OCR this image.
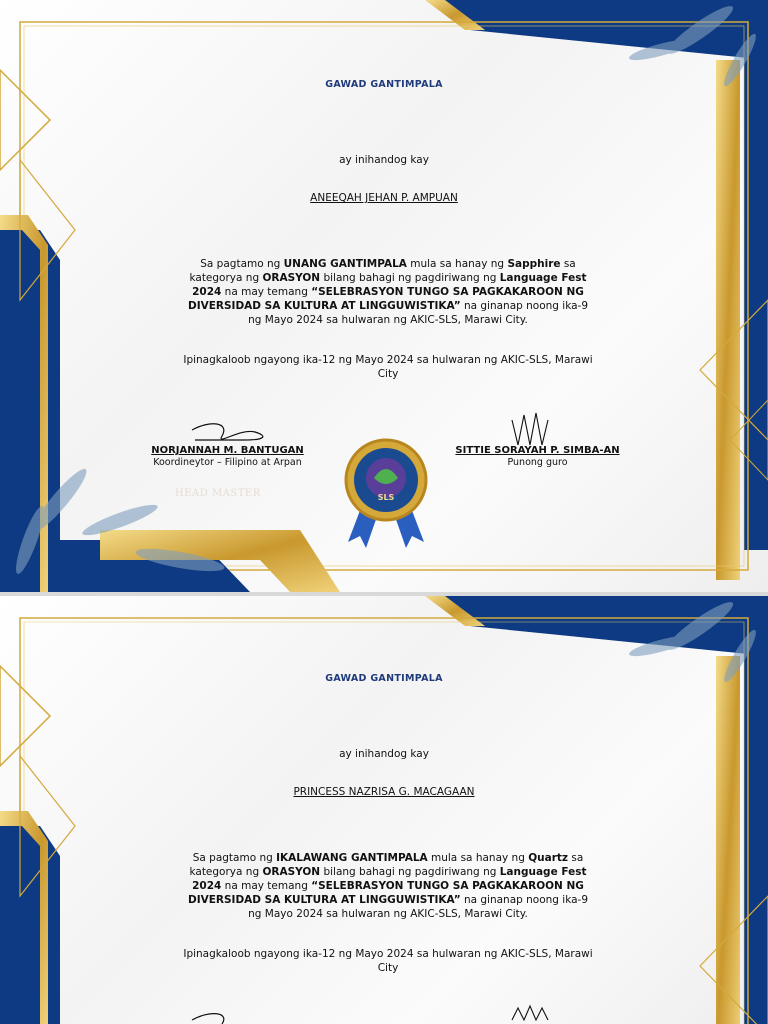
GAWAD GANTIMPALA
ay inihandog kay
ANEEQAH JEHAN P. AMPUAN
Sa pagtamo ng UNANG GANTIMPALA mula sa hanay ng Sapphire sa kategorya ng ORASYON bilang bahagi ng pagdiriwang ng Language Fest 2024 na may temang “SELEBRASYON TUNGO SA PAGKAKAROON NG DIVERSIDAD SA KULTURA AT LINGGUWISTIKA” na ginanap noong ika-9 ng Mayo 2024 sa hulwaran ng AKIC-SLS, Marawi City.
Ipinagkaloob ngayong ika-12 ng Mayo 2024 sa hulwaran ng AKIC-SLS, Marawi City
NORJANNAH M. BANTUGAN
Koordineytor – Filipino at Arpan
HEAD MASTER
SITTIE SORAYAH P. SIMBA-AN
Punong guro
SLS
GAWAD GANTIMPALA
ay inihandog kay
PRINCESS NAZRISA G. MACAGAAN
Sa pagtamo ng IKALAWANG GANTIMPALA mula sa hanay ng Quartz sa kategorya ng ORASYON bilang bahagi ng pagdiriwang ng Language Fest 2024 na may temang “SELEBRASYON TUNGO SA PAGKAKAROON NG DIVERSIDAD SA KULTURA AT LINGGUWISTIKA” na ginanap noong ika-9 ng Mayo 2024 sa hulwaran ng AKIC-SLS, Marawi City.
Ipinagkaloob ngayong ika-12 ng Mayo 2024 sa hulwaran ng AKIC-SLS, Marawi City
